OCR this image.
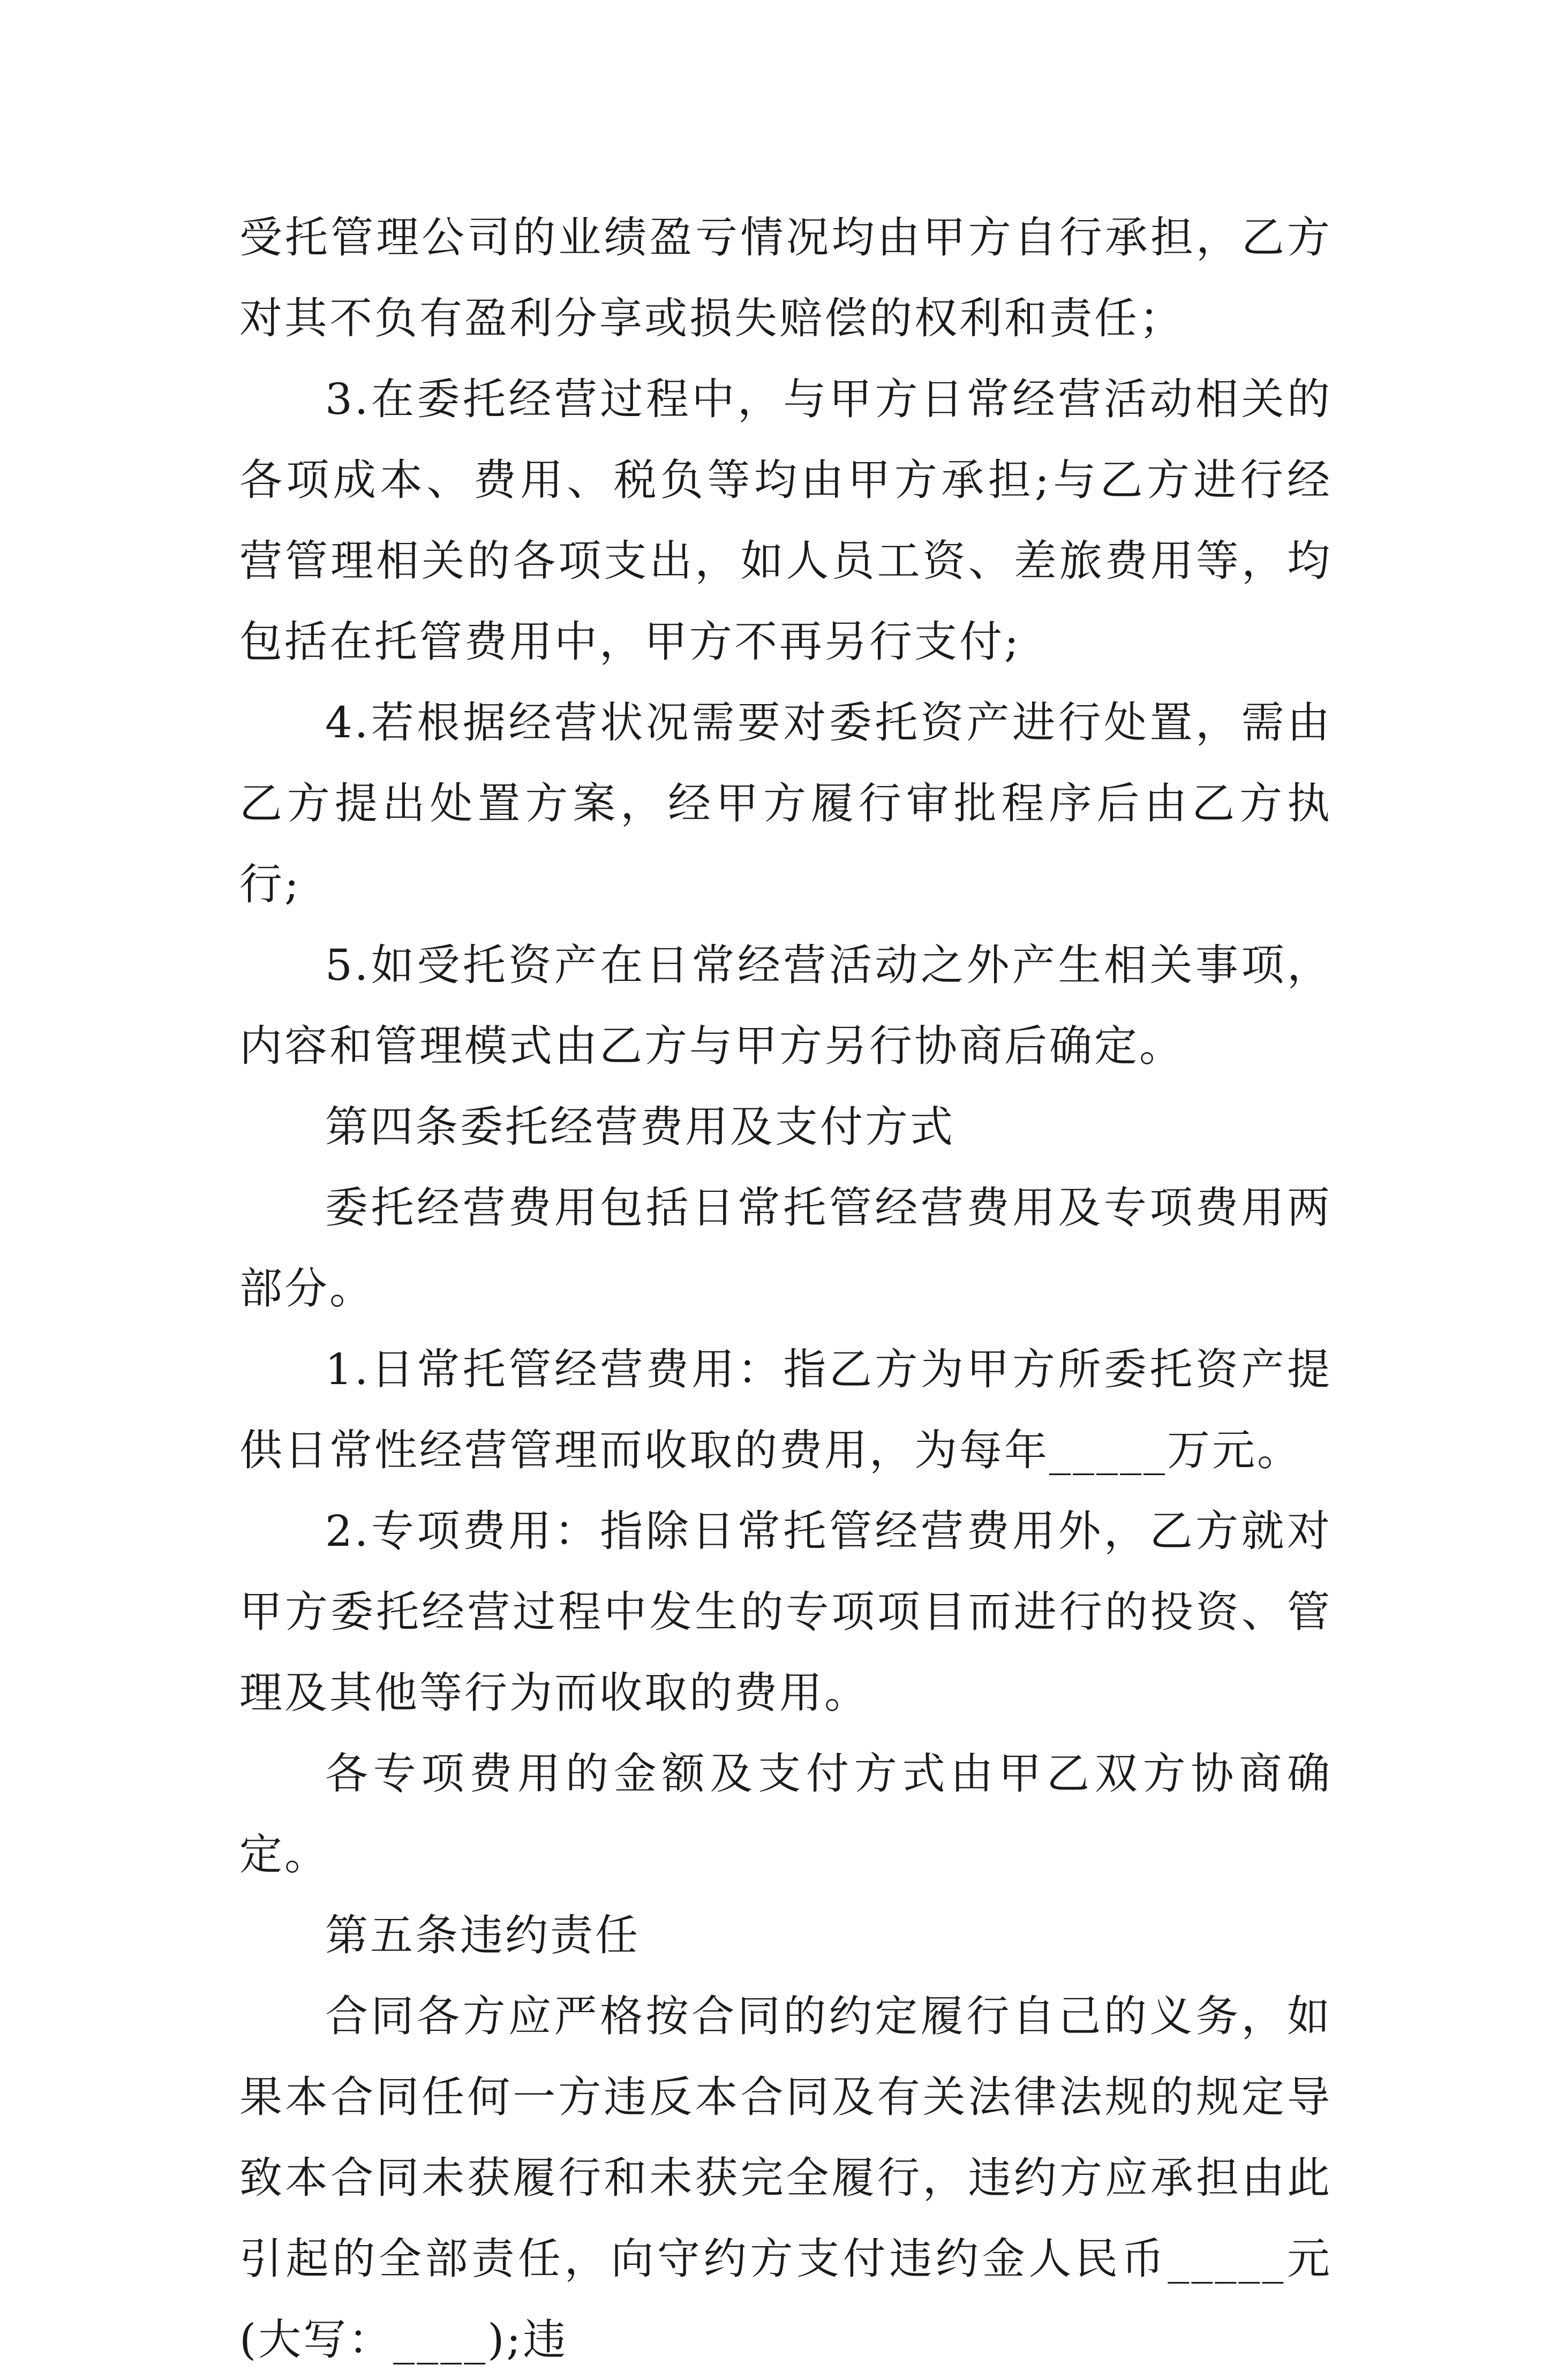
受托管理公司的业绩盈亏情况均由甲方自行承担，乙方对其不负有盈利分享或损失赔偿的权利和责任；

3.在委托经营过程中，与甲方日常经营活动相关的各项成本、费用、税负等均由甲方承担;与乙方进行经营管理相关的各项支出，如人员工资、差旅费用等，均包括在托管费用中，甲方不再另行支付;

4.若根据经营状况需要对委托资产进行处置，需由乙方提出处置方案，经甲方履行审批程序后由乙方执行;

5.如受托资产在日常经营活动之外产生相关事项，内容和管理模式由乙方与甲方另行协商后确定。

第四条委托经营费用及支付方式

委托经营费用包括日常托管经营费用及专项费用两部分。

1.日常托管经营费用：指乙方为甲方所委托资产提供日常性经营管理而收取的费用，为每年_____万元。

2.专项费用：指除日常托管经营费用外，乙方就对甲方委托经营过程中发生的专项项目而进行的投资、管理及其他等行为而收取的费用。

各专项费用的金额及支付方式由甲乙双方协商确定。

第五条违约责任

合同各方应严格按合同的约定履行自己的义务，如果本合同任何一方违反本合同及有关法律法规的规定导致本合同未获履行和未获完全履行，违约方应承担由此引起的全部责任，向守约方支付违约金人民币_____元(大写：____);违
